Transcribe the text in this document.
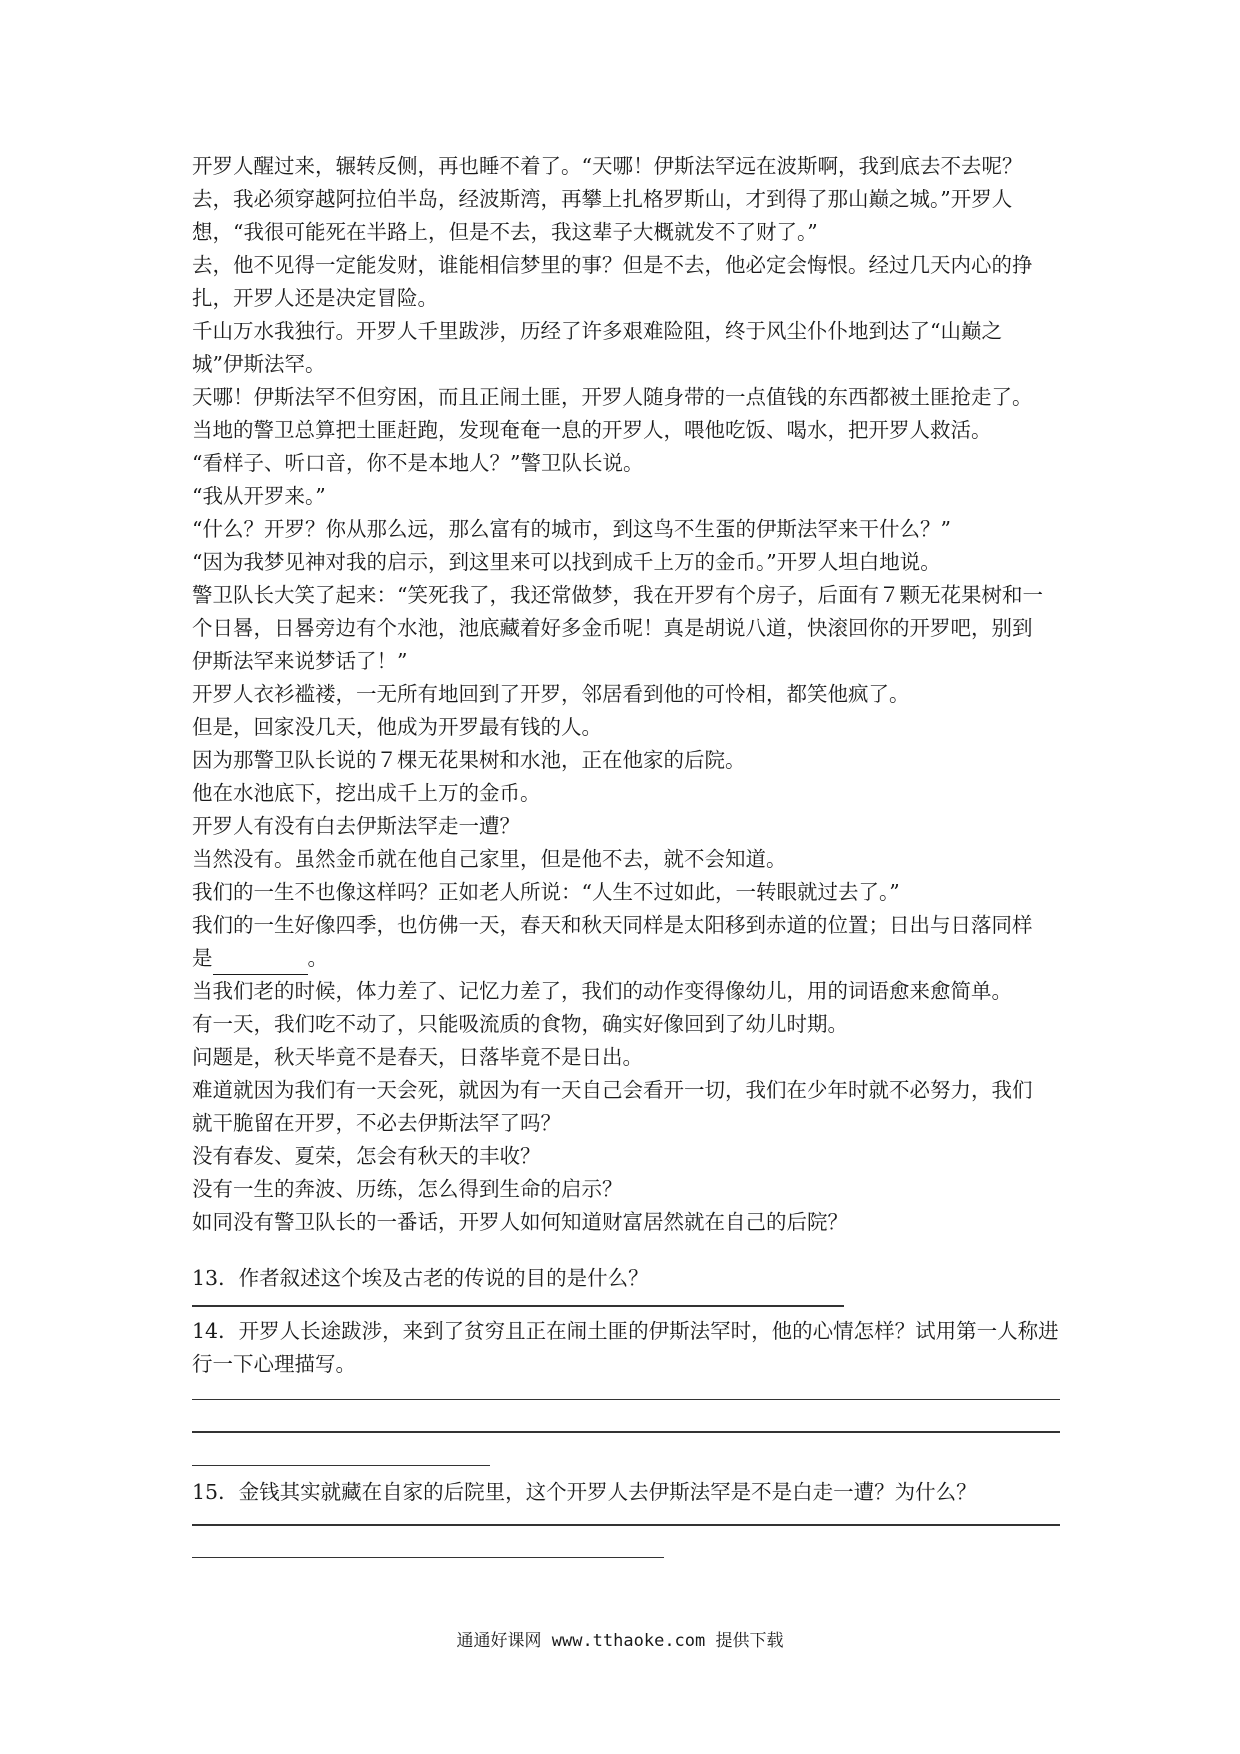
开罗人醒过来，辗转反侧，再也睡不着了。“天哪！伊斯法罕远在波斯啊，我到底去不去呢？去，我必须穿越阿拉伯半岛，经波斯湾，再攀上扎格罗斯山，才到得了那山巅之城。”开罗人想，“我很可能死在半路上，但是不去，我这辈子大概就发不了财了。”

去，他不见得一定能发财，谁能相信梦里的事？但是不去，他必定会悔恨。经过几天内心的挣扎，开罗人还是决定冒险。

千山万水我独行。开罗人千里跋涉，历经了许多艰难险阻，终于风尘仆仆地到达了“山巅之城”伊斯法罕。

天哪！伊斯法罕不但穷困，而且正闹土匪，开罗人随身带的一点值钱的东西都被土匪抢走了。

当地的警卫总算把土匪赶跑，发现奄奄一息的开罗人，喂他吃饭、喝水，把开罗人救活。

“看样子、听口音，你不是本地人？”警卫队长说。

“我从开罗来。”

“什么？开罗？你从那么远，那么富有的城市，到这鸟不生蛋的伊斯法罕来干什么？”

“因为我梦见神对我的启示，到这里来可以找到成千上万的金币。”开罗人坦白地说。

警卫队长大笑了起来：“笑死我了，我还常做梦，我在开罗有个房子，后面有７颗无花果树和一个日晷，日晷旁边有个水池，池底藏着好多金币呢！真是胡说八道，快滚回你的开罗吧，别到伊斯法罕来说梦话了！”

开罗人衣衫褴褛，一无所有地回到了开罗，邻居看到他的可怜相，都笑他疯了。

但是，回家没几天，他成为开罗最有钱的人。

因为那警卫队长说的７棵无花果树和水池，正在他家的后院。

他在水池底下，挖出成千上万的金币。

开罗人有没有白去伊斯法罕走一遭？

当然没有。虽然金币就在他自己家里，但是他不去，就不会知道。

我们的一生不也像这样吗？正如老人所说：“人生不过如此，一转眼就过去了。”

我们的一生好像四季，也仿佛一天，春天和秋天同样是太阳移到赤道的位置；日出与日落同样是	。

当我们老的时候，体力差了、记忆力差了，我们的动作变得像幼儿，用的词语愈来愈简单。

有一天，我们吃不动了，只能吸流质的食物，确实好像回到了幼儿时期。

问题是，秋天毕竟不是春天，日落毕竟不是日出。

难道就因为我们有一天会死，就因为有一天自己会看开一切，我们在少年时就不必努力，我们就干脆留在开罗，不必去伊斯法罕了吗？

没有春发、夏荣，怎会有秋天的丰收？

没有一生的奔波、历练，怎么得到生命的启示？

如同没有警卫队长的一番话，开罗人如何知道财富居然就在自己的后院？

13．作者叙述这个埃及古老的传说的目的是什么？

14．开罗人长途跋涉，来到了贫穷且正在闹土匪的伊斯法罕时，他的心情怎样？试用第一人称进行一下心理描写。

15．金钱其实就藏在自家的后院里，这个开罗人去伊斯法罕是不是白走一遭？为什么？

通通好课网 www.tthaoke.com 提供下载
